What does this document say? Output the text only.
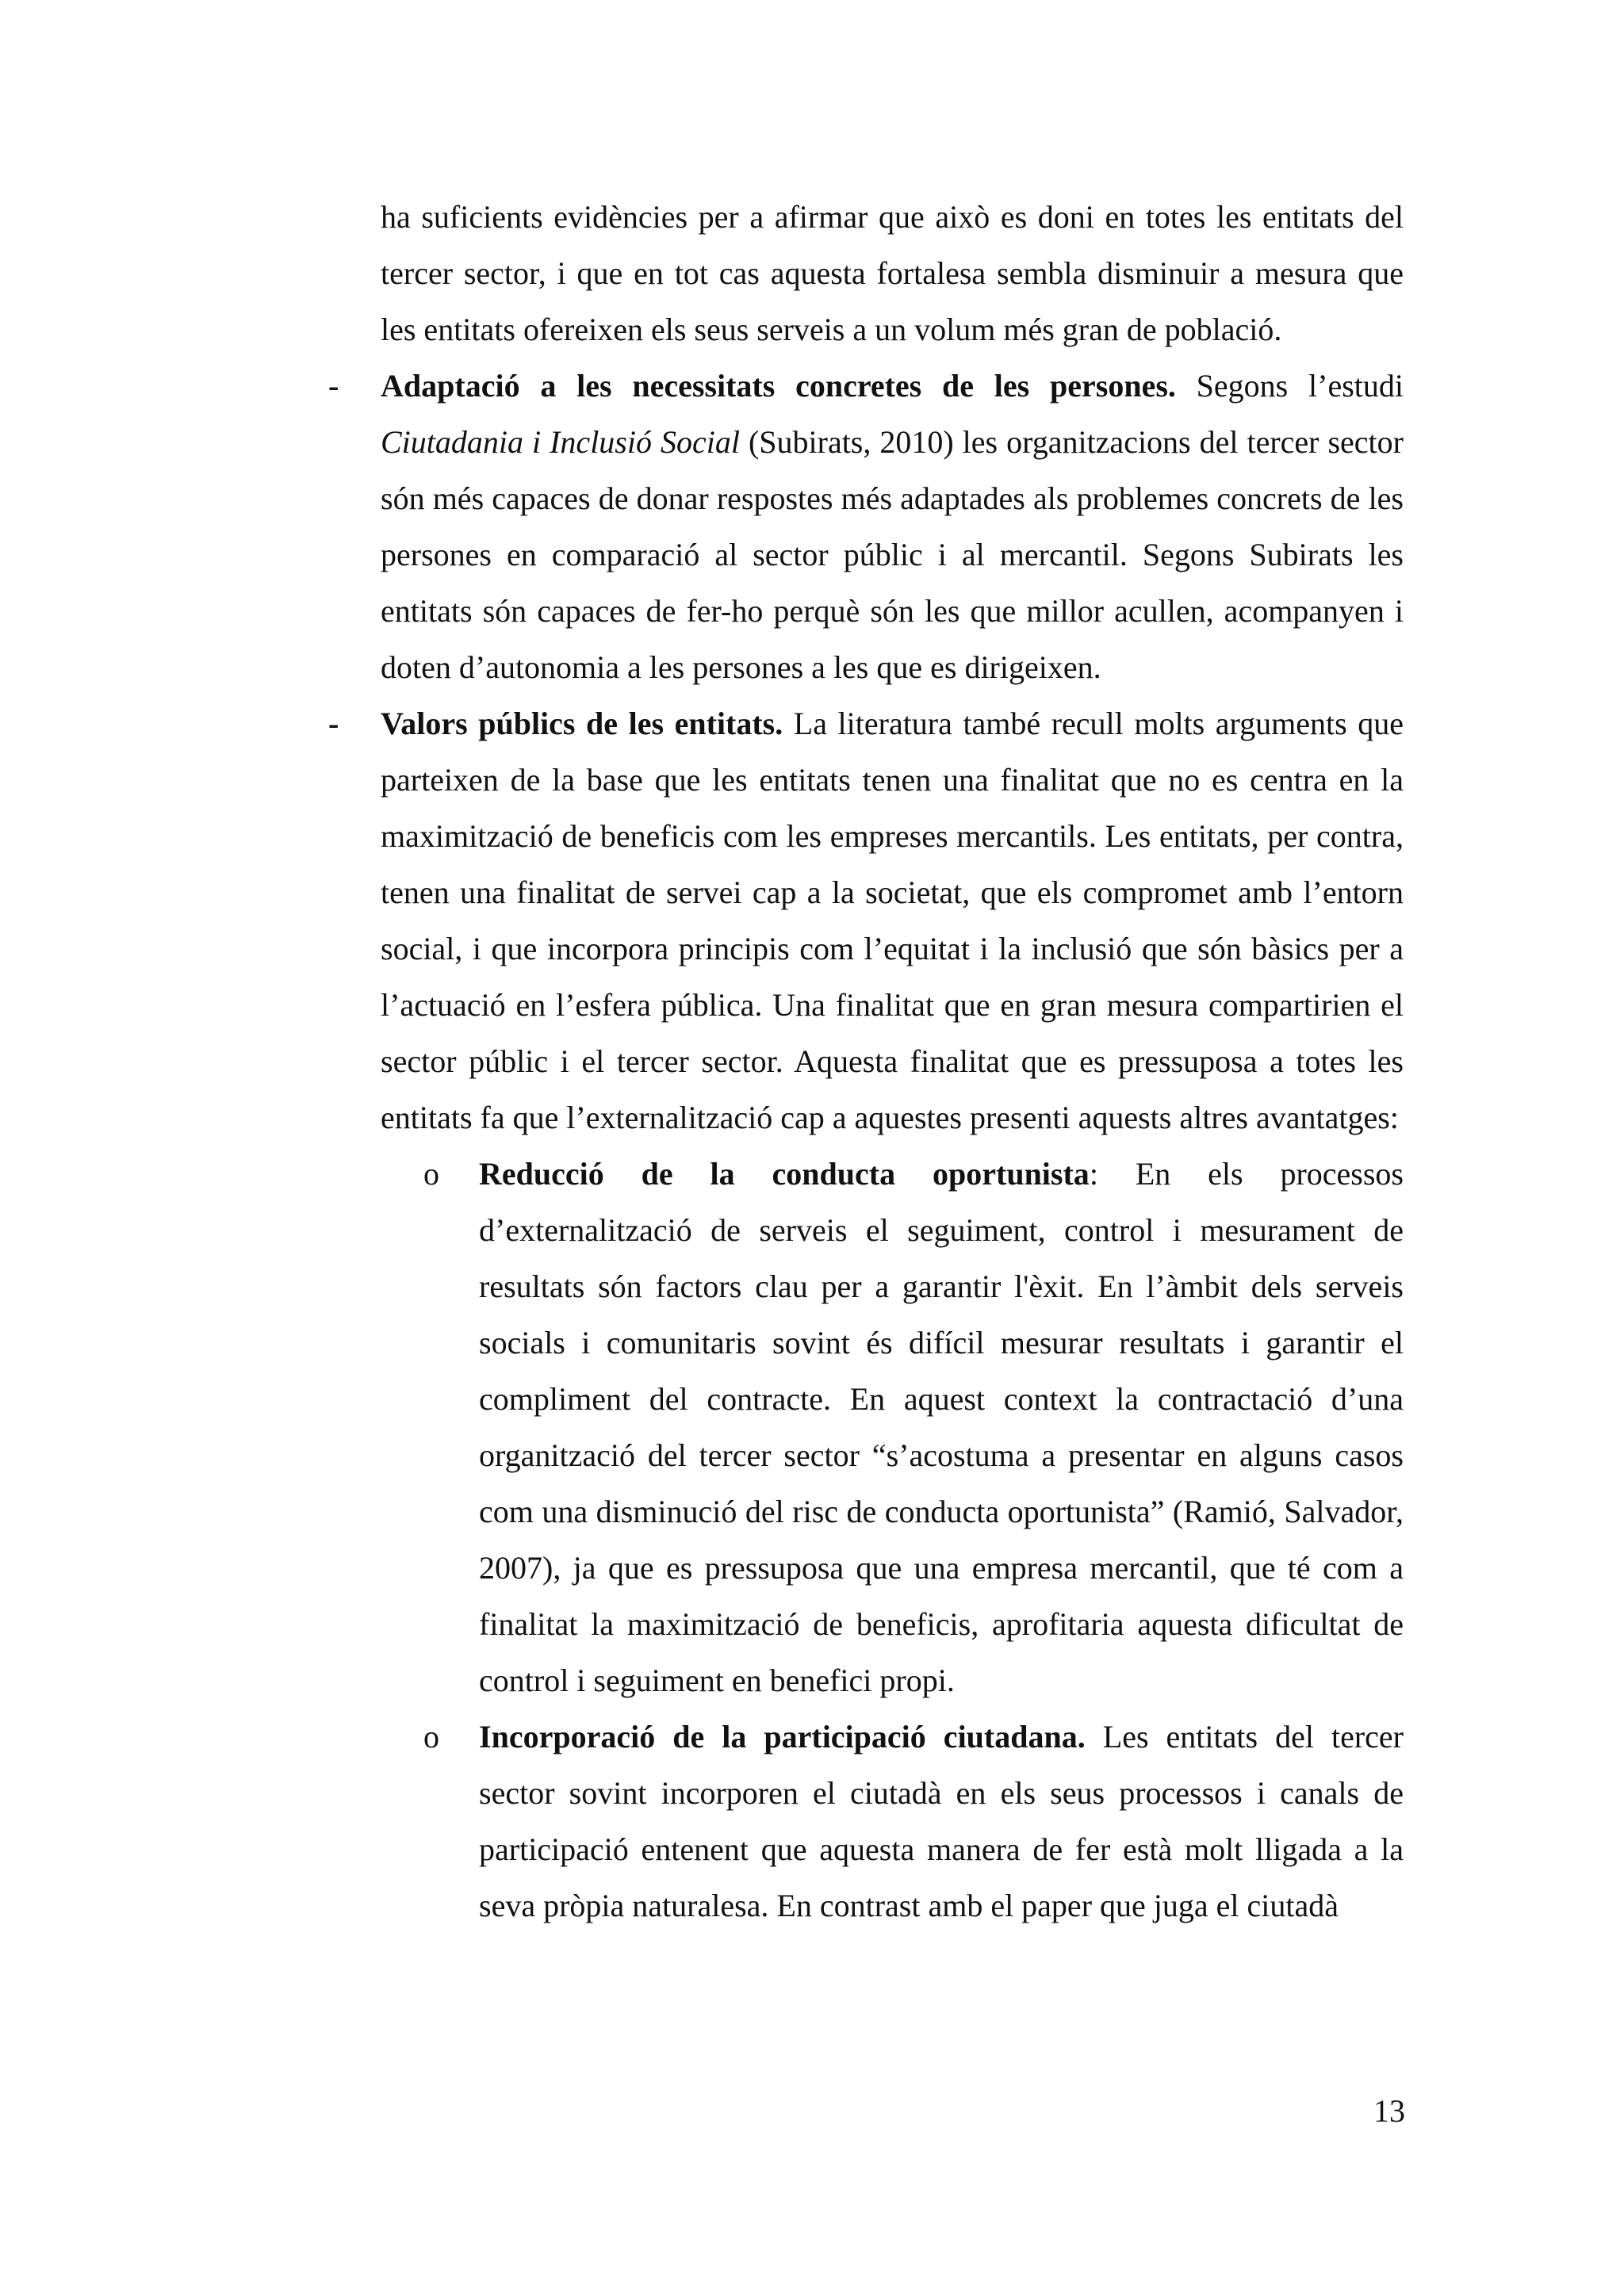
ha suficients evidències per a afirmar que això es doni en totes les entitats del tercer sector, i que en tot cas aquesta fortalesa sembla disminuir a mesura que les entitats ofereixen els seus serveis a un volum més gran de població.

- Adaptació a les necessitats concretes de les persones. Segons l’estudi Ciutadania i Inclusió Social (Subirats, 2010) les organitzacions del tercer sector són més capaces de donar respostes més adaptades als problemes concrets de les persones en comparació al sector públic i al mercantil. Segons Subirats les entitats són capaces de fer-ho perquè són les que millor acullen, acompanyen i doten d’autonomia a les persones a les que es dirigeixen.

- Valors públics de les entitats. La literatura també recull molts arguments que parteixen de la base que les entitats tenen una finalitat que no es centra en la maximització de beneficis com les empreses mercantils. Les entitats, per contra, tenen una finalitat de servei cap a la societat, que els compromet amb l’entorn social, i que incorpora principis com l’equitat i la inclusió que són bàsics per a l’actuació en l’esfera pública. Una finalitat que en gran mesura compartirien el sector públic i el tercer sector. Aquesta finalitat que es pressuposa a totes les entitats fa que l’externalització cap a aquestes presenti aquests altres avantatges:

o Reducció de la conducta oportunista: En els processos d’externalització de serveis el seguiment, control i mesurament de resultats són factors clau per a garantir l'èxit. En l’àmbit dels serveis socials i comunitaris sovint és difícil mesurar resultats i garantir el compliment del contracte. En aquest context la contractació d’una organització del tercer sector “s’acostuma a presentar en alguns casos com una disminució del risc de conducta oportunista” (Ramió, Salvador, 2007), ja que es pressuposa que una empresa mercantil, que té com a finalitat la maximització de beneficis, aprofitaria aquesta dificultat de control i seguiment en benefici propi.

o Incorporació de la participació ciutadana. Les entitats del tercer sector sovint incorporen el ciutadà en els seus processos i canals de participació entenent que aquesta manera de fer està molt lligada a la seva pròpia naturalesa. En contrast amb el paper que juga el ciutadà

13
